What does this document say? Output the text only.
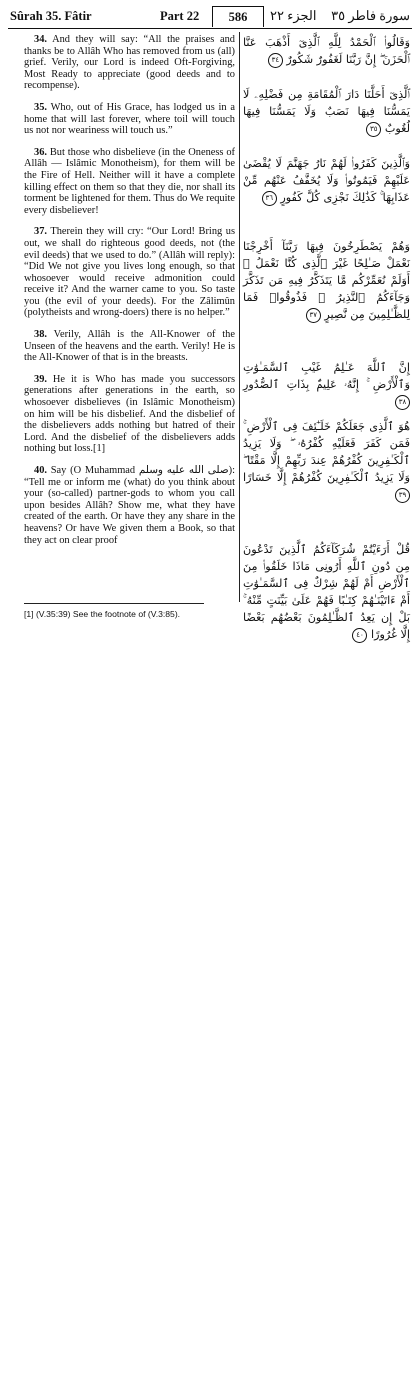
Sûrah 35. Fâtir	Part 22	586	الجزء ٢٢ سورة فاطر ٣٥

34. And they will say: “All the praises and thanks be to Allâh Who has removed from us (all) grief. Verily, our Lord is indeed Oft-Forgiving, Most Ready to appreciate (good deeds and to recompense).

35. Who, out of His Grace, has lodged us in a home that will last forever, where toil will touch us not nor weariness will touch us.”

36. But those who disbelieve (in the Oneness of Allâh — Islâmic Monotheism), for them will be the Fire of Hell. Neither will it have a complete killing effect on them so that they die, nor shall its torment be lightened for them. Thus do We requite every disbeliever!

37. Therein they will cry: “Our Lord! Bring us out, we shall do righteous good deeds, not (the evil deeds) that we used to do.” (Allâh will reply): “Did We not give you lives long enough, so that whosoever would receive admonition could receive it? And the warner came to you. So taste you (the evil of your deeds). For the Zâlimûn (polytheists and wrong-doers) there is no helper.”

38. Verily, Allâh is the All-Knower of the Unseen of the heavens and the earth. Verily! He is the All-Knower of that is in the breasts.

39. He it is Who has made you successors generations after generations in the earth, so whosoever disbelieves (in Islâmic Monotheism) on him will be his disbelief. And the disbelief of the disbelievers adds nothing but hatred of their Lord. And the disbelief of the disbelievers adds nothing but loss.[1]

40. Say (O Muhammad صلى الله عليه وسلم): “Tell me or inform me (what) do you think about your (so-called) partner-gods to whom you call upon besides Allâh? Show me, what they have created of the earth. Or have they any share in the heavens? Or have We given them a Book, so that they act on clear proof

وَقَالُوا۟ ٱلْحَمْدُ لِلَّهِ ٱلَّذِىٓ أَذْهَبَ عَنَّا ٱلْحَزَنَ ۖ إِنَّ رَبَّنَا لَغَفُورٌ شَكُورٌ ٣٤
ٱلَّذِىٓ أَحَلَّنَا دَارَ ٱلْمُقَامَةِ مِن فَضْلِهِۦ لَا يَمَسُّنَا فِيهَا نَصَبٌ وَلَا يَمَسُّنَا فِيهَا لُغُوبٌ ٣٥
وَٱلَّذِينَ كَفَرُوا۟ لَهُمْ نَارُ جَهَنَّمَ لَا يُقْضَىٰ عَلَيْهِمْ فَيَمُوتُوا۟ وَلَا يُخَفَّفُ عَنْهُم مِّنْ عَذَابِهَا ۚ كَذَٰلِكَ نَجْزِى كُلَّ كَفُورٍ ٣٦
وَهُمْ يَصْطَرِخُونَ فِيهَا رَبَّنَآ أَخْرِجْنَا نَعْمَلْ صَـٰلِحًا غَيْرَ ٱلَّذِى كُنَّا نَعْمَلُ ۚ أَوَلَمْ نُعَمِّرْكُم مَّا يَتَذَكَّرُ فِيهِ مَن تَذَكَّرَ وَجَآءَكُمُ ٱلنَّذِيرُ ۖ فَذُوقُوا۟ فَمَا لِلظَّـٰلِمِينَ مِن نَّصِيرٍ ٣٧
إِنَّ ٱللَّهَ عَـٰلِمُ غَيْبِ ٱلسَّمَـٰوَٰتِ وَٱلْأَرْضِ ۚ إِنَّهُۥ عَلِيمٌۢ بِذَاتِ ٱلصُّدُورِ ٣٨
هُوَ ٱلَّذِى جَعَلَكُمْ خَلَـٰٓئِفَ فِى ٱلْأَرْضِ ۚ فَمَن كَفَرَ فَعَلَيْهِ كُفْرُهُۥ ۖ وَلَا يَزِيدُ ٱلْكَـٰفِرِينَ كُفْرُهُمْ عِندَ رَبِّهِمْ إِلَّا مَقْتًا ۖ وَلَا يَزِيدُ ٱلْكَـٰفِرِينَ كُفْرُهُمْ إِلَّا خَسَارًا ٣٩
قُلْ أَرَءَيْتُمْ شُرَكَآءَكُمُ ٱلَّذِينَ تَدْعُونَ مِن دُونِ ٱللَّهِ أَرُونِى مَاذَا خَلَقُوا۟ مِنَ ٱلْأَرْضِ أَمْ لَهُمْ شِرْكٌ فِى ٱلسَّمَـٰوَٰتِ أَمْ ءَاتَيْنَـٰهُمْ كِتَـٰبًا فَهُمْ عَلَىٰ بَيِّنَتٍ مِّنْهُ ۚ بَلْ إِن يَعِدُ ٱلظَّـٰلِمُونَ بَعْضُهُم بَعْضًا إِلَّا غُرُورًا ٤٠
[1] (V.35:39) See the footnote of (V.3:85).
